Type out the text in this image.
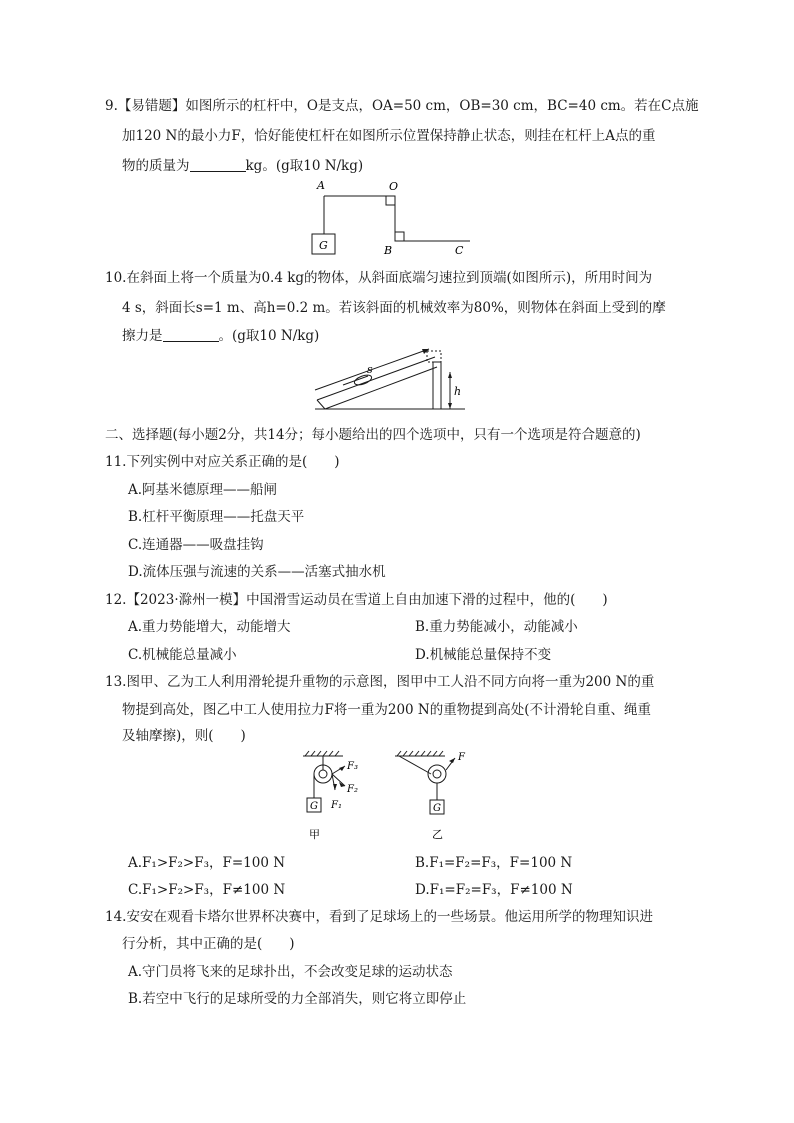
9.【易错题】如图所示的杠杆中，O是支点，OA=50 cm，OB=30 cm，BC=40 cm。若在C点施
加120 N的最小力F，恰好能使杠杆在如图所示位置保持静止状态，则挂在杠杆上A点的重
物的质量为	kg。(g取10 N/kg)
A	O
B	C
G
10.在斜面上将一个质量为0.4 kg的物体，从斜面底端匀速拉到顶端(如图所示)，所用时间为
4 s，斜面长s=1 m、高h=0.2 m。若该斜面的机械效率为80%，则物体在斜面上受到的摩
擦力是	。(g取10 N/kg)
s
h
二、选择题(每小题2分，共14分；每小题给出的四个选项中，只有一个选项是符合题意的)
11.下列实例中对应关系正确的是(　　)
A.阿基米德原理——船闸
B.杠杆平衡原理——托盘天平
C.连通器——吸盘挂钩
D.流体压强与流速的关系——活塞式抽水机
12.【2023·滁州一模】中国滑雪运动员在雪道上自由加速下滑的过程中，他的(　　)
A.重力势能增大，动能增大	B.重力势能减小，动能减小
C.机械能总量减小	D.机械能总量保持不变
13.图甲、乙为工人利用滑轮提升重物的示意图，图甲中工人沿不同方向将一重为200 N的重
物提到高处，图乙中工人使用拉力F将一重为200 N的重物提到高处(不计滑轮自重、绳重
及轴摩擦)，则(　　)
G	G
F₃
F₂
F₁
F
甲	乙
A.F₁>F₂>F₃，F=100 N	B.F₁=F₂=F₃，F=100 N
C.F₁>F₂>F₃，F≠100 N	D.F₁=F₂=F₃，F≠100 N
14.安安在观看卡塔尔世界杯决赛中，看到了足球场上的一些场景。他运用所学的物理知识进
行分析，其中正确的是(　　)
A.守门员将飞来的足球扑出，不会改变足球的运动状态
B.若空中飞行的足球所受的力全部消失，则它将立即停止
